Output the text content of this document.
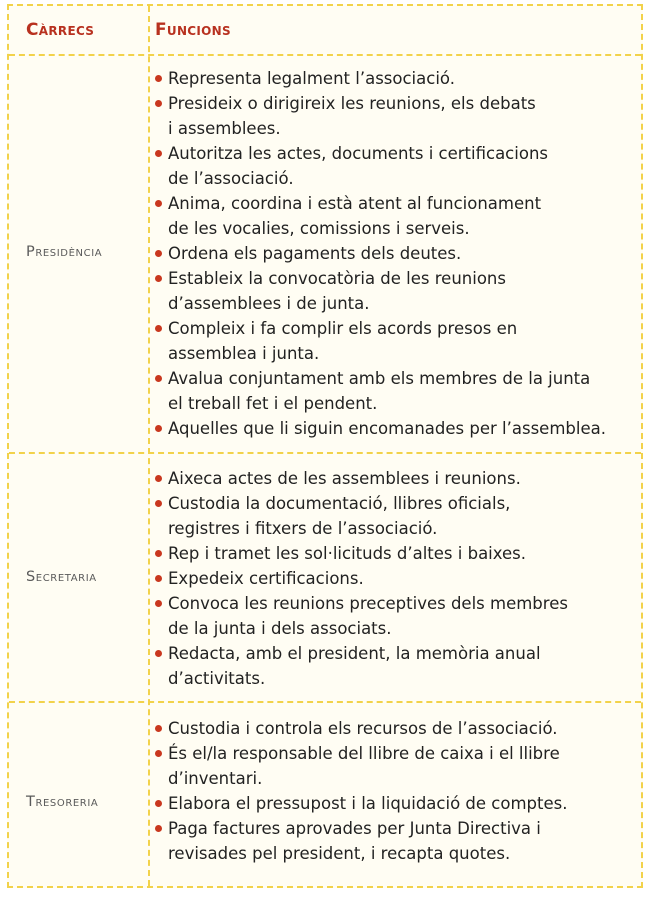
Càrrecs	Funcions
Presidència
Representa legalment l’associació.
Presideix o dirigireix les reunions, els debats
i assemblees.
Autoritza les actes, documents i certificacions
de l’associació.
Anima, coordina i està atent al funcionament
de les vocalies, comissions i serveis.
Ordena els pagaments dels deutes.
Estableix la convocatòria de les reunions
d’assemblees i de junta.
Compleix i fa complir els acords presos en
assemblea i junta.
Avalua conjuntament amb els membres de la junta
el treball fet i el pendent.
Aquelles que li siguin encomanades per l’assemblea.
Secretaria
Aixeca actes de les assemblees i reunions.
Custodia la documentació, llibres oficials,
registres i fitxers de l’associació.
Rep i tramet les sol·licituds d’altes i baixes.
Expedeix certificacions.
Convoca les reunions preceptives dels membres
de la junta i dels associats.
Redacta, amb el president, la memòria anual
d’activitats.
Tresoreria
Custodia i controla els recursos de l’associació.
És el/la responsable del llibre de caixa i el llibre
d’inventari.
Elabora el pressupost i la liquidació de comptes.
Paga factures aprovades per Junta Directiva i
revisades pel president, i recapta quotes.
